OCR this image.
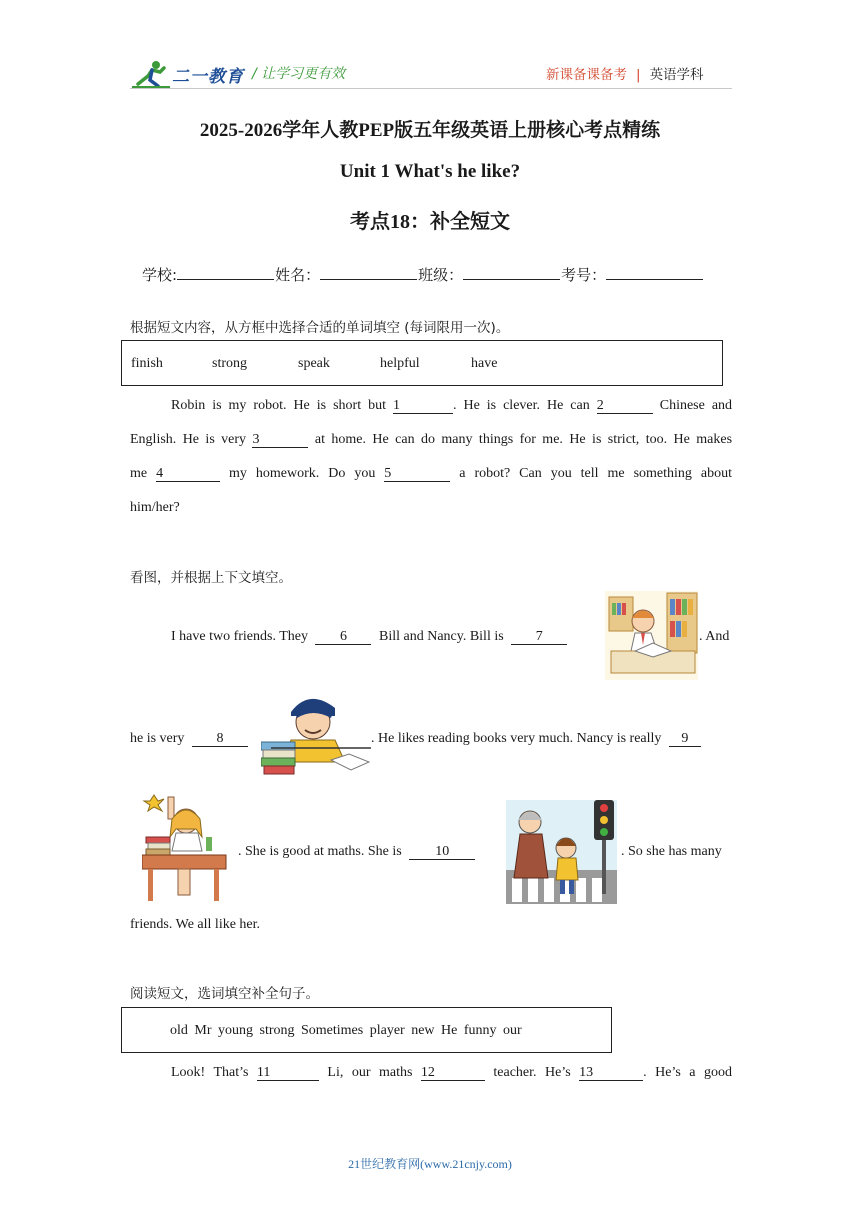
二一教育 / 让学习更有效	新课备课备考 | 英语学科
2025-2026学年人教PEP版五年级英语上册核心考点精练
Unit 1 What's he like?
考点18：补全短文
学校:	姓名：	班级：	考号：
根据短文内容，从方框中选择合适的单词填空 (每词限用一次)。
finish	strong	speak	helpful	have
Robin is my robot. He is short but 1	. He is clever. He can 2	Chinese and
English. He is very 3	at home. He can do many things for me. He is strict, too. He makes
me 4	my homework. Do you 5	a robot? Can you tell me something about
him/her?
看图，并根据上下文填空。
I have two friends. They 6 Bill and Nancy. Bill is 7	. And
he is very 8	. He likes reading books very much. Nancy is really 9
. She is good at maths. She is 10	. So she has many
friends. We all like her.
阅读短文，选词填空补全句子。
old Mr young strong Sometimes player new He funny our
Look! That’s 11	Li, our maths 12	teacher. He’s 13	. He’s a good
21世纪教育网(www.21cnjy.com)
